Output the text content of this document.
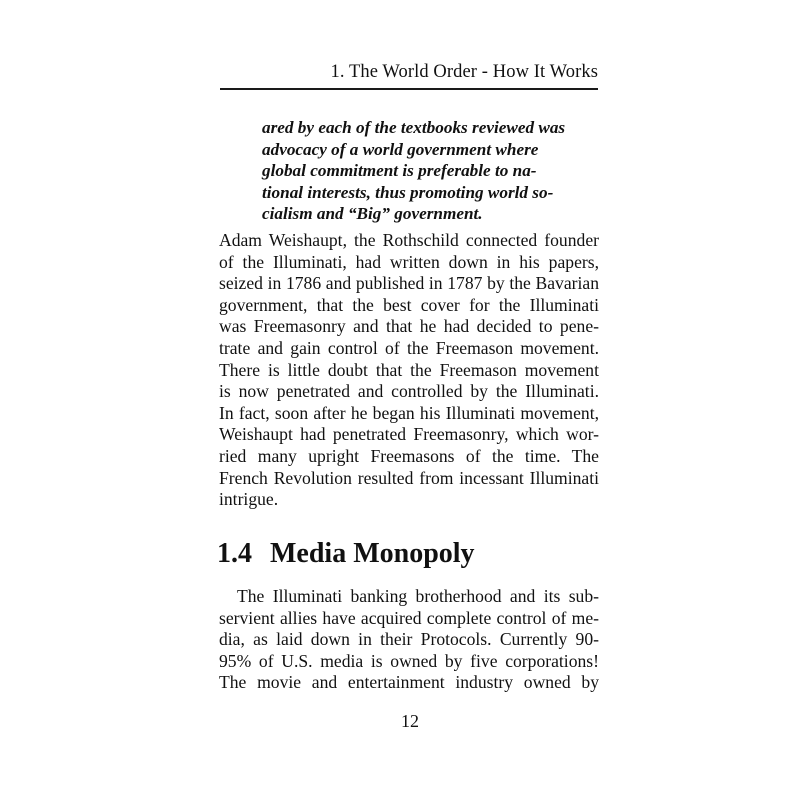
1. The World Order - How It Works
ared by each of the textbooks reviewed was
advocacy of a world government where
global commitment is preferable to na-
tional interests, thus promoting world so-
cialism and “Big” government.
Adam Weishaupt, the Rothschild connected founder
of the Illuminati, had written down in his papers,
seized in 1786 and published in 1787 by the Bavarian
government, that the best cover for the Illuminati
was Freemasonry and that he had decided to pene-
trate and gain control of the Freemason movement.
There is little doubt that the Freemason movement
is now penetrated and controlled by the Illuminati.
In fact, soon after he began his Illuminati movement,
Weishaupt had penetrated Freemasonry, which wor-
ried many upright Freemasons of the time. The
French Revolution resulted from incessant Illuminati
intrigue.
1.4 Media Monopoly
The Illuminati banking brotherhood and its sub-
servient allies have acquired complete control of me-
dia, as laid down in their Protocols. Currently 90-
95% of U.S. media is owned by five corporations!
The movie and entertainment industry owned by
12
